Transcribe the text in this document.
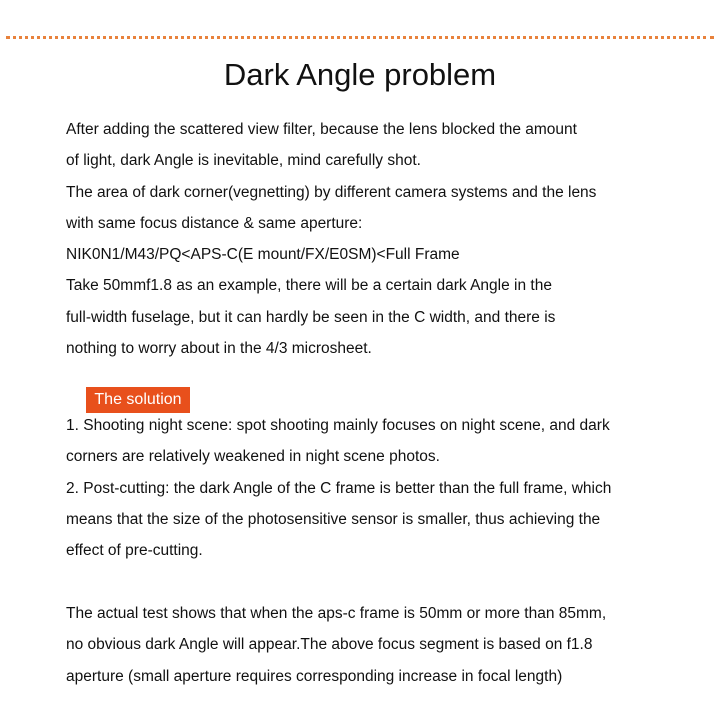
Dark Angle problem
After adding the scattered view filter, because the lens blocked the amount
of light, dark Angle is inevitable, mind carefully shot.
The area of dark corner(vegnetting) by different camera systems and the lens
with same focus distance & same aperture:
NIK0N1/M43/PQ<APS-C(E mount/FX/E0SM)<Full Frame
Take 50mmf1.8 as an example, there will be a certain dark Angle in the
full-width fuselage, but it can hardly be seen in the C width, and there is
nothing to worry about in the 4/3 microsheet.
The solution
1. Shooting night scene: spot shooting mainly focuses on night scene, and dark
corners are relatively weakened in night scene photos.
2. Post-cutting: the dark Angle of the C frame is better than the full frame, which
means that the size of the photosensitive sensor is smaller, thus achieving the
effect of pre-cutting.
The actual test shows that when the aps-c frame is 50mm or more than 85mm,
no obvious dark Angle will appear.The above focus segment is based on f1.8
aperture (small aperture requires corresponding increase in focal length)
